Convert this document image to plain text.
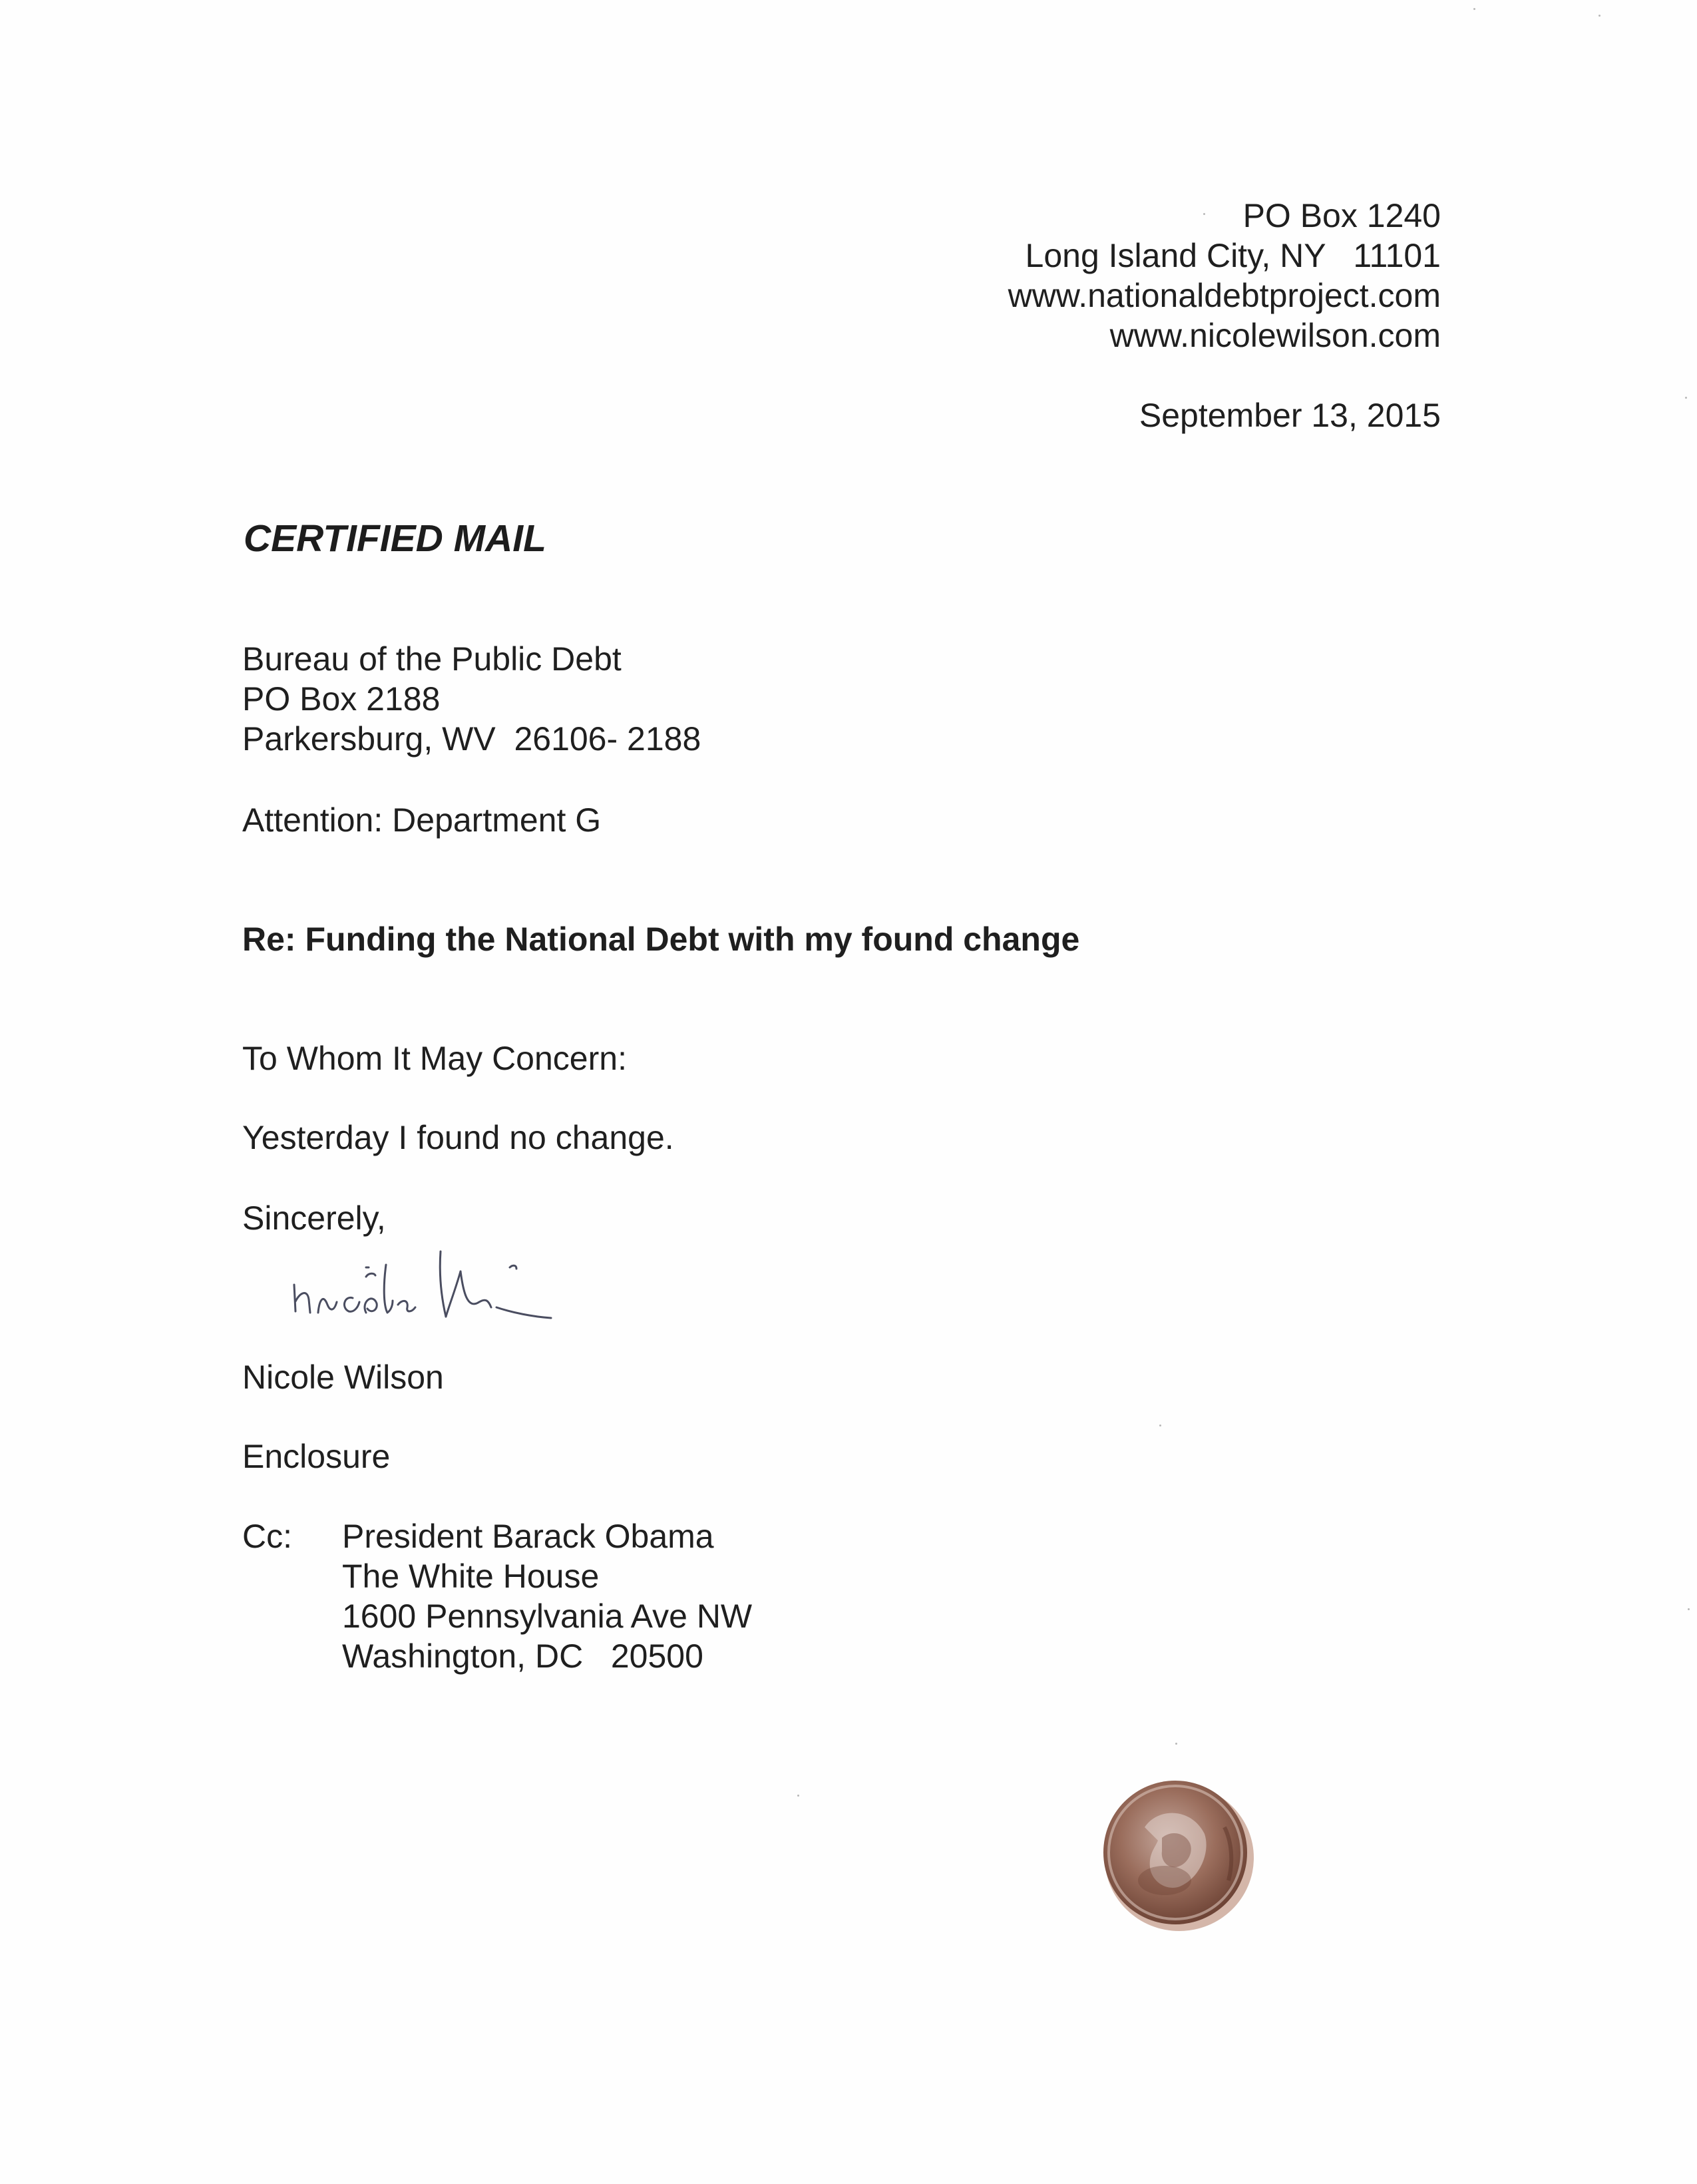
PO Box 1240
Long Island City, NY   11101
www.nationaldebtproject.com
www.nicolewilson.com
September 13, 2015
CERTIFIED MAIL
Bureau of the Public Debt
PO Box 2188
Parkersburg, WV  26106- 2188
Attention: Department G
Re: Funding the National Debt with my found change
To Whom It May Concern:
Yesterday I found no change.
Sincerely,
Nicole Wilson
Enclosure
Cc: President Barack Obama
The White House
1600 Pennsylvania Ave NW
Washington, DC   20500
